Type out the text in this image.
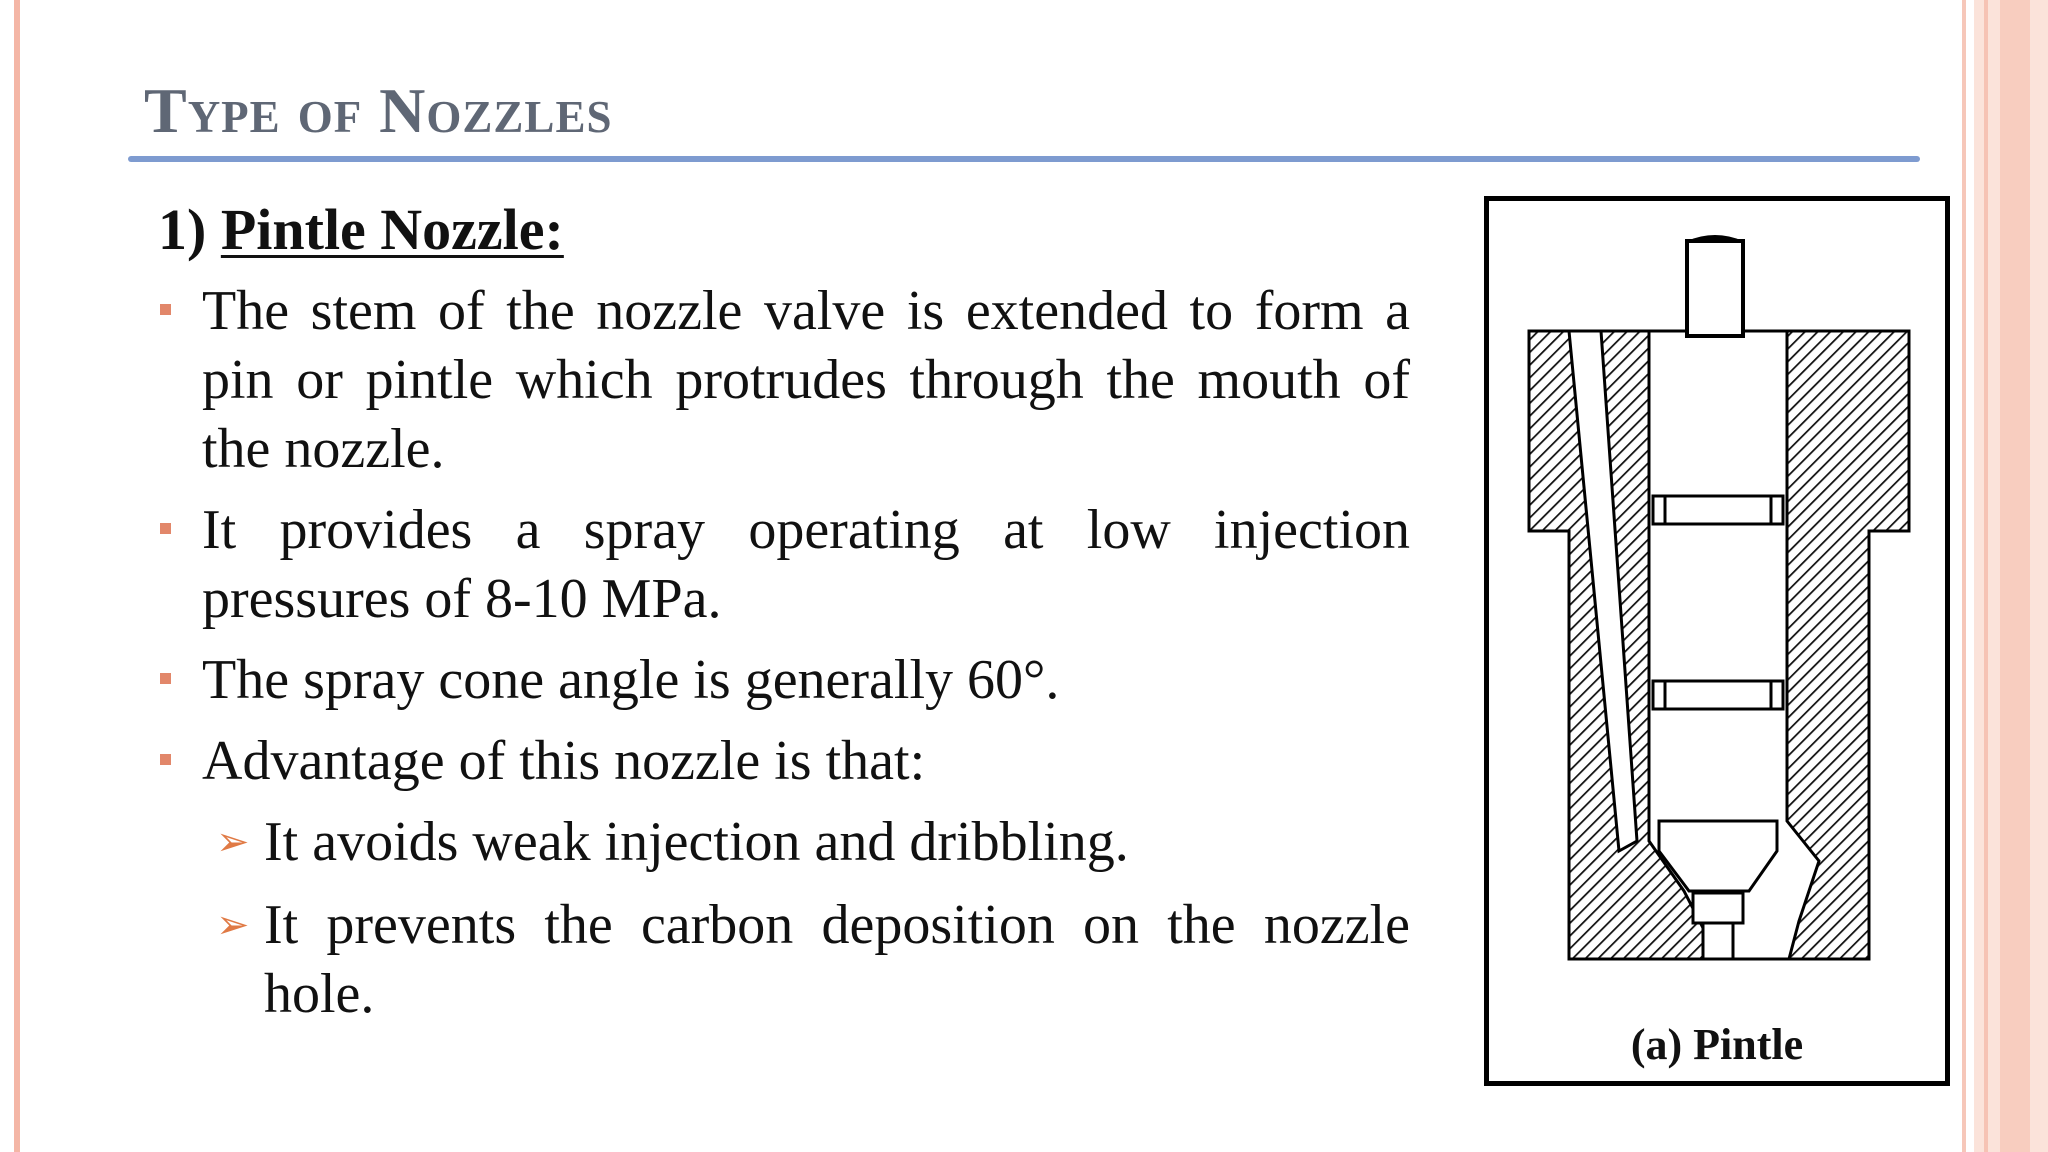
Type of Nozzles
1) Pintle Nozzle:
The stem of the nozzle valve is extended to form a pin or pintle which protrudes through the mouth of the nozzle.
It provides a spray operating at low injection pressures of 8-10 MPa.
The spray cone angle is generally 60°.
Advantage of this nozzle is that:
➢ It avoids weak injection and dribbling.
➢ It prevents the carbon deposition on the nozzle hole.
(a) Pintle
